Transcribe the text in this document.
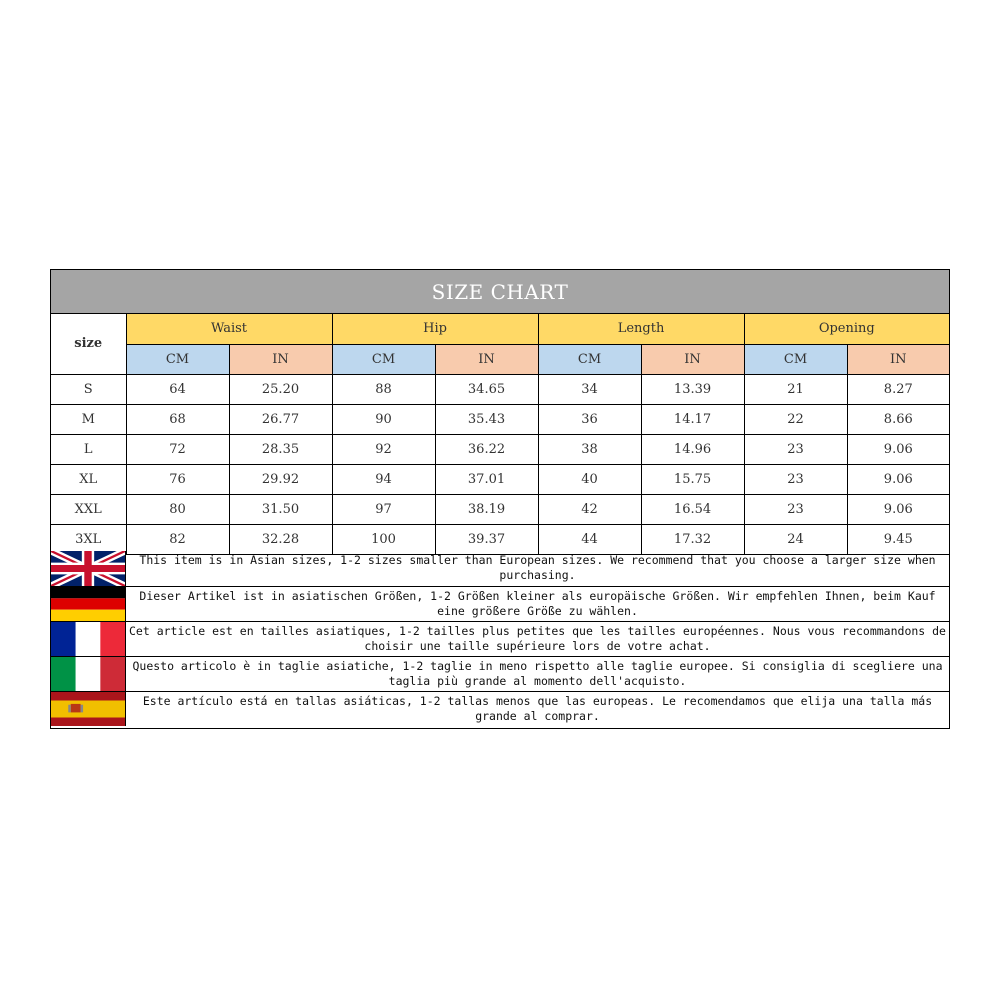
SIZE CHART
size	Waist		Hip		Length		Opening	
	CM	IN	CM	IN	CM	IN	CM	IN
S	64	25.20	88	34.65	34	13.39	21	8.27
M	68	26.77	90	35.43	36	14.17	22	8.66
L	72	28.35	92	36.22	38	14.96	23	9.06
XL	76	29.92	94	37.01	40	15.75	23	9.06
XXL	80	31.50	97	38.19	42	16.54	23	9.06
3XL	82	32.28	100	39.37	44	17.32	24	9.45
This item is in Asian sizes, 1-2 sizes smaller than European sizes. We recommend that you choose a larger size when purchasing.
Dieser Artikel ist in asiatischen Größen, 1-2 Größen kleiner als europäische Größen. Wir empfehlen Ihnen, beim Kauf eine größere Größe zu wählen.
Cet article est en tailles asiatiques, 1-2 tailles plus petites que les tailles européennes. Nous vous recommandons de choisir une taille supérieure lors de votre achat.
Questo articolo è in taglie asiatiche, 1-2 taglie in meno rispetto alle taglie europee. Si consiglia di scegliere una taglia più grande al momento dell'acquisto.
Este artículo está en tallas asiáticas, 1-2 tallas menos que las europeas. Le recomendamos que elija una talla más grande al comprar.
